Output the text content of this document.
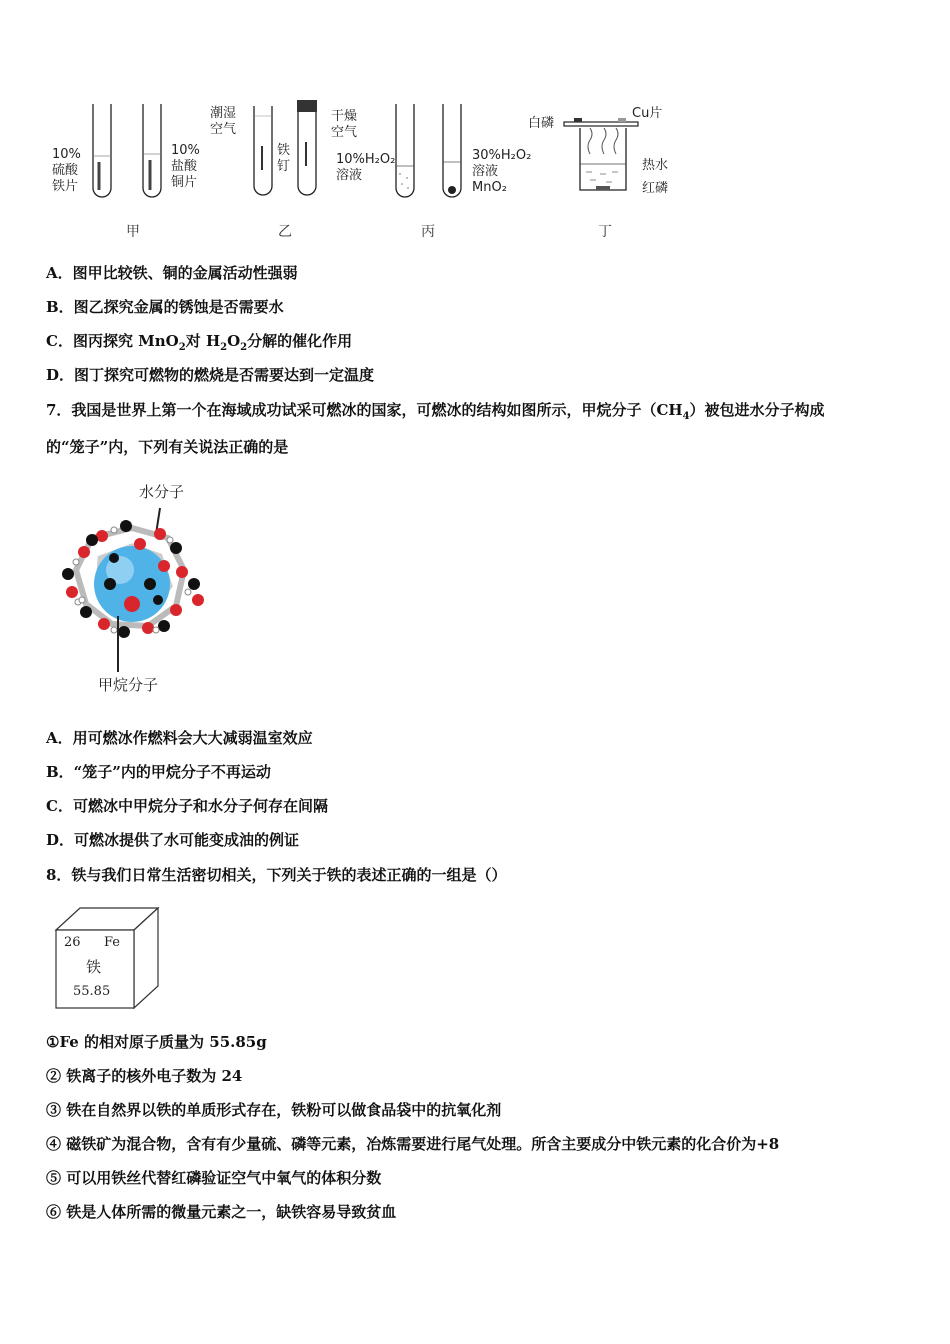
10%
硫酸
铁片
10%
盐酸
铜片
甲
潮湿
空气
铁
钉
干燥
空气
乙
10%H₂O₂
溶液
30%H₂O₂
溶液
MnO₂
丙
白磷
Cu片
热水
红磷
丁
A．图甲比较铁、铜的金属活动性强弱
B．图乙探究金属的锈蚀是否需要水
C．图丙探究 MnO$_2$对 $H_2O_2$分解的催化作用
D．图丁探究可燃物的燃烧是否需要达到一定温度
7．我国是世界上第一个在海域成功试采可燃冰的国家，可燃冰的结构如图所示，甲烷分子$(CH_4)$被包进水分子构成
的“笼子”内，下列有关说法正确的是
水分子
甲烷分子
A．用可燃冰作燃料会大大减弱温室效应
B．“笼子”内的甲烷分子不再运动
C．可燃冰中甲烷分子和水分子何存在间隔
D．可燃冰提供了水可能变成油的例证
8．铁与我们日常生活密切相关，下列关于铁的表述正确的一组是（）
26 Fe
铁
55.85
①Fe 的相对原子质量为 55.85g
② 铁离子的核外电子数为 24
③ 铁在自然界以铁的单质形式存在，铁粉可以做食品袋中的抗氧化剂
④ 磁铁矿为混合物，含有有少量硫、磷等元素，冶炼需要进行尾气处理。所含主要成分中铁元素的化合价为+8
⑤ 可以用铁丝代替红磷验证空气中氧气的体积分数
⑥ 铁是人体所需的微量元素之一，缺铁容易导致贫血
